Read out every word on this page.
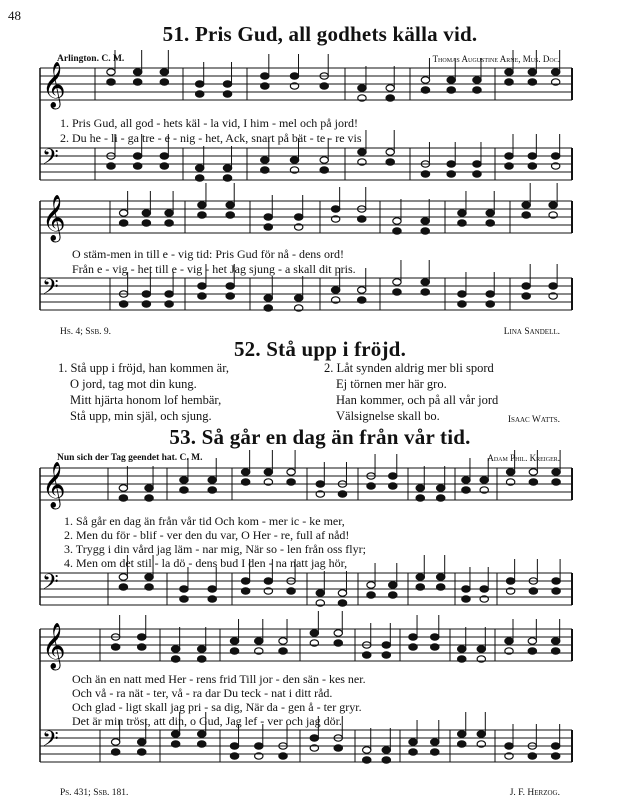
48
51. Pris Gud, all godhets källa vid.
Arlington. C. M.	Thomas Augustine Arne, Mus. Doc.
𝄞
𝄢
𝄞
𝄢
𝄞
𝄢
𝄞
𝄢
1. Pris Gud, all god - hets käl - la vid, I him - mel och på jord!
2. Du he - li - ga tre - e - nig - het, Ack, snart på bät - te - re vis
O stäm-men in till e - vig tid: Pris Gud för nå - dens ord!
Från e - vig - het till e - vig - het Jag sjung - a skall dit pris.
Hs. 4; Ssb. 9.	Lina Sandell.
52. Stå upp i fröjd.
1. Stå upp i fröjd, han kommen är,
O jord, tag mot din kung.
Mitt hjärta honom lof hembär,
Stå upp, min själ, och sjung.
2. Låt synden aldrig mer bli spord
Ej törnen mer här gro.
Han kommer, och på all vår jord
Välsignelse skall bo.	Isaac Watts.
53. Så går en dag än från vår tid.
Nun sich der Tag geendet hat. C. M.	Adam Phil. Kreiger.
1. Så går en dag än från vår tid Och kom - mer ic - ke mer,
2. Men du för - blif - ver den du var, O Her - re, full af nåd!
3. Trygg i din vård jag läm - nar mig, När so - len från oss flyr;
4. Men om det stil - la dö - dens bud I den - na natt jag hör,
Och än en natt med Her - rens frid Till jor - den sän - kes ner.
Och vå - ra nät - ter, vå - ra dar Du teck - nat i ditt råd.
Och glad - ligt skall jag pri - sa dig, När da - gen å - ter gryr.
Det är min tröst, att din, o Gud, Jag lef - ver och jag dör.
Ps. 431; Ssb. 181.	J. F. Herzog.
